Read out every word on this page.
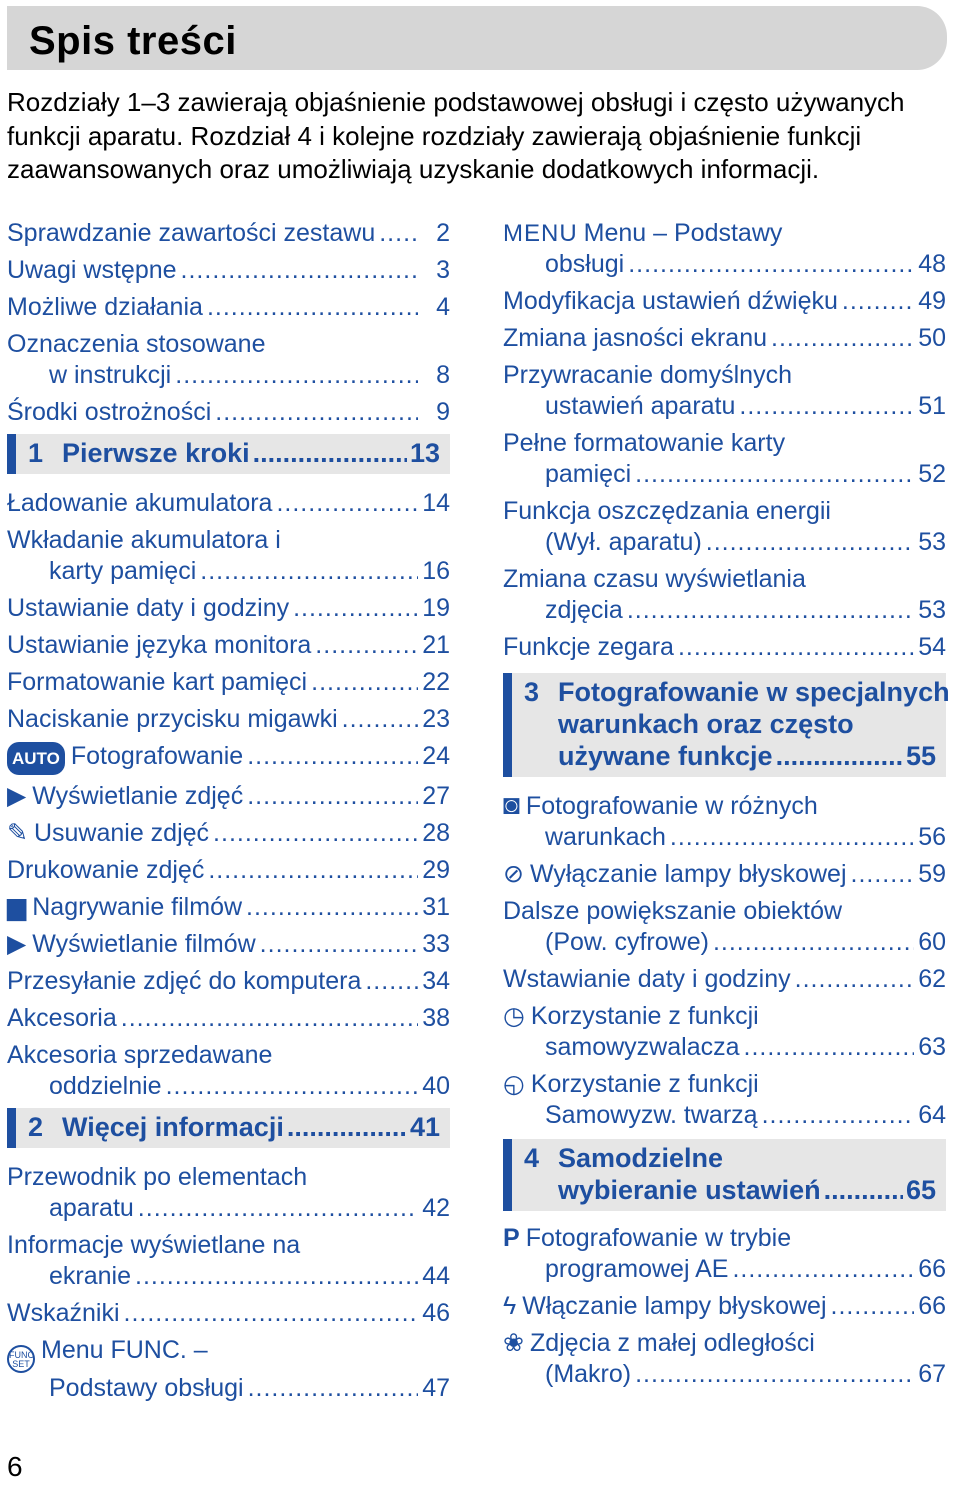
Spis treści

Rozdziały 1–3 zawierają objaśnienie podstawowej obsługi i często używanych funkcji aparatu. Rozdział 4 i kolejne rozdziały zawierają objaśnienie funkcji zaawansowanych oraz umożliwiają uzyskanie dodatkowych informacji.

Sprawdzanie zawartości zestawu .....	2
Uwagi wstępne .....	3
Możliwe działania .....	4
Oznaczenia stosowane
w instrukcji .....	8
Środki ostrożności .....	9
1 Pierwsze kroki .....	13
Ładowanie akumulatora .....	14
Wkładanie akumulatora i
karty pamięci .....	16
Ustawianie daty i godziny .....	19
Ustawianie języka monitora .....	21
Formatowanie kart pamięci .....	22
Naciskanie przycisku migawki .....	23
AUTO Fotografowanie .....	24
▶ Wyświetlanie zdjęć .....	27
✎ Usuwanie zdjęć .....	28
Drukowanie zdjęć .....	29
▆ Nagrywanie filmów .....	31
▶ Wyświetlanie filmów .....	33
Przesyłanie zdjęć do komputera ..... 34
Akcesoria .....	38
Akcesoria sprzedawane
oddzielnie .....	40
2 Więcej informacji .....	41
Przewodnik po elementach
aparatu .....	42
Informacje wyświetlane na
ekranie .....	44
Wskaźniki .....	46
FUNC SET Menu FUNC. –
Podstawy obsługi .....	47
MENU Menu – Podstawy
obsługi .....	48
Modyfikacja ustawień dźwięku .....	49
Zmiana jasności ekranu .....	50
Przywracanie domyślnych
ustawień aparatu .....	51
Pełne formatowanie karty
pamięci .....	52
Funkcja oszczędzania energii
(Wył. aparatu) .....	53
Zmiana czasu wyświetlania
zdjęcia .....	53
Funkcje zegara .....	54
3 Fotografowanie w specjalnych
warunkach oraz często
używane funkcje .....	55
◙ Fotografowanie w różnych
warunkach .....	56
⊘ Wyłączanie lampy błyskowej .....	59
Dalsze powiększanie obiektów
(Pow. cyfrowe) .....	60
Wstawianie daty i godziny .....	62
◷ Korzystanie z funkcji
samowyzwalacza .....	63
◵ Korzystanie z funkcji
Samowyzw. twarzą .....	64
4 Samodzielne
wybieranie ustawień .....	65
P Fotografowanie w trybie
programowej AE .....	66
ϟ Włączanie lampy błyskowej .....	66
❀ Zdjęcia z małej odległości
(Makro) .....	67
6
